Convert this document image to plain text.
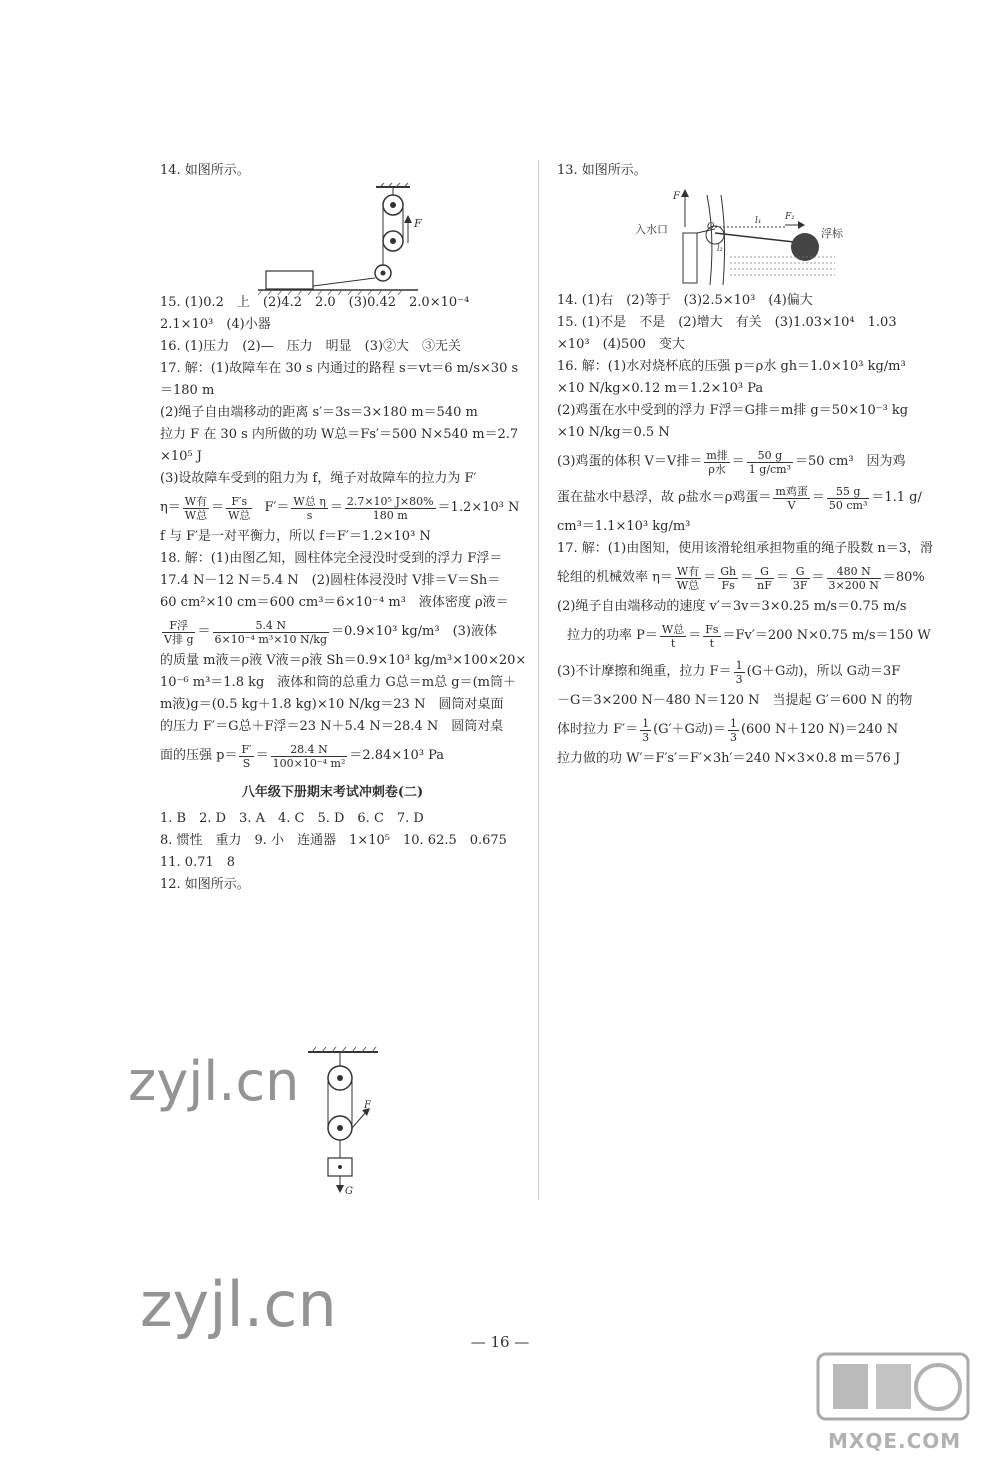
14. 如图所示。
15. (1)0.2　上　(2)4.2　2.0　(3)0.42　2.0×10⁻⁴
2.1×10³　(4)小器
16. (1)压力　(2)—　压力　明显　(3)②大　③无关
17. 解：(1)故障车在 30 s 内通过的路程 s＝vt＝6 m/s×30 s
＝180 m
(2)绳子自由端移动的距离 s′＝3s＝3×180 m＝540 m
拉力 F 在 30 s 内所做的功 W总＝Fs′＝500 N×540 m＝2.7
×10⁵ J
(3)设故障车受到的阻力为 f，绳子对故障车的拉力为 F′
$\eta= \frac{\text{W有}}{\text{W总}} = \frac{F's}{\text{W总}} F'= \frac{\text{W总 η}}{s} = \frac{\text{2.7×10⁵ J×80\%}}{180 m} =1.2\times 10^3$ N
f 与 F′是一对平衡力，所以 f＝F′＝1.2×10³ N
18. 解：(1)由图乙知，圆柱体完全浸没时受到的浮力 F浮＝
17.4 N－12 N＝5.4 N　(2)圆柱体浸没时 V排＝V＝Sh＝
60 cm²×10 cm＝600 cm³＝6×10⁻⁴ m³　液体密度 ρ液＝
$\frac{\text{F浮}}{\text{V排 g}} = \frac{5.4 N}{\text{6×10⁻⁴ m³×10 N/kg}} =0.9\times 10^3$ kg/m³　(3)液体
的质量 m液＝ρ液 V液＝ρ液 Sh＝0.9×10³ kg/m³×100×20×
10⁻⁶ m³＝1.8 kg　液体和筒的总重力 G总＝m总 g＝(m筒＋
m液)g＝(0.5 kg＋1.8 kg)×10 N/kg＝23 N　圆筒对桌面
的压力 F′＝G总＋F浮＝23 N＋5.4 N＝28.4 N　圆筒对桌
面的压强 $p= \frac{F'}{S} = \frac{28.4 N}{\text{100×10⁻⁴ m²}} =2.84\times 10^3$ Pa
八年级下册期末考试冲刺卷(二)
1. B　2. D　3. A　4. C　5. D　6. C　7. D
8. 惯性　重力　9. 小　连通器　1×10⁵　10. 62.5　0.675
11. 0.71　8
12. 如图所示。
13. 如图所示。
14. (1)右　(2)等于　(3)2.5×10³　(4)偏大
15. (1)不是　不是　(2)增大　有关　(3)1.03×10⁴　1.03
×10³　(4)500　变大
16. 解：(1)水对烧杯底的压强 p＝ρ水 gh＝1.0×10³ kg/m³
×10 N/kg×0.12 m＝1.2×10³ Pa
(2)鸡蛋在水中受到的浮力 F浮＝G排＝m排 g＝50×10⁻³ kg
×10 N/kg＝0.5 N
(3)鸡蛋的体积 V＝V排＝ $\frac{\text{m排}}{\text{ρ水}} = \frac{50 g}{\text{1 g/cm³}} =50$ cm³　因为鸡
蛋在盐水中悬浮，故 ρ盐水＝ρ鸡蛋＝ $\frac{\text{m鸡蛋}}{V} = \frac{55 g}{\text{50 cm³}} =1.1$ g/
cm³＝1.1×10³ kg/m³
17. 解：(1)由图知，使用该滑轮组承担物重的绳子股数 n＝3，滑
轮组的机械效率 $\eta= \frac{\text{W有}}{\text{W总}} = \frac{Gh}{Fs} = \frac{G}{nF} = \frac{G}{3F} = \frac{480 N}{3\times 200 N} =80\%$
(2)绳子自由端移动的速度 v′＝3v＝3×0.25 m/s＝0.75 m/s
拉力的功率 $P= \frac{\text{W总}}{t} = \frac{Fs}{t} =Fv'=200$ N×0.75 m/s＝150 W
(3)不计摩擦和绳重，拉力 $F= \frac{1}{3} (G+G$动)，所以 G动＝3F
－G＝3×200 N－480 N＝120 N　当提起 G′＝600 N 的物
体时拉力 $F'= \frac{1}{3} (G'+G$动)＝ $\frac{1}{3} (600$ N＋120 N)＝240 N
拉力做的功 W′＝F′s′＝F′×3h′＝240 N×3×0.8 m＝576 J
F
F
入水口	O
l₁	F₁
l₂
浮标
F
G
zyjl.cn
zyjl.cn
— 16 —
MXQE.COM
